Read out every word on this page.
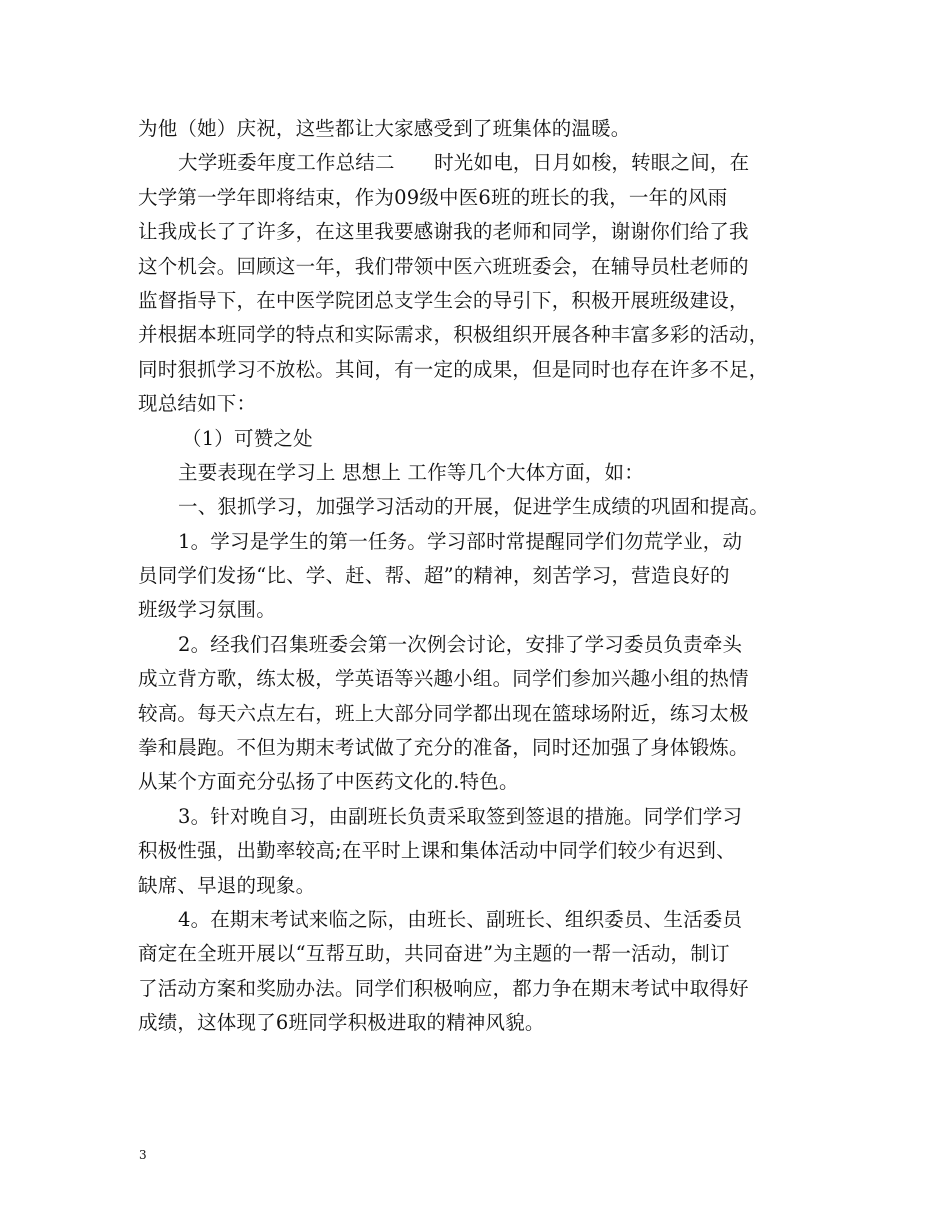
为他（她）庆祝，这些都让大家感受到了班集体的温暖。
大学班委年度工作总结二　　时光如电，日月如梭，转眼之间，在
大学第一学年即将结束，作为09级中医6班的班长的我，一年的风雨
让我成长了了许多，在这里我要感谢我的老师和同学，谢谢你们给了我
这个机会。回顾这一年，我们带领中医六班班委会，在辅导员杜老师的
监督指导下，在中医学院团总支学生会的导引下，积极开展班级建设，
并根据本班同学的特点和实际需求，积极组织开展各种丰富多彩的活动，
同时狠抓学习不放松。其间，有一定的成果，但是同时也存在许多不足，
现总结如下：
（1）可赞之处
主要表现在学习上 思想上 工作等几个大体方面，如：
一、狠抓学习，加强学习活动的开展，促进学生成绩的巩固和提高。
1。学习是学生的第一任务。学习部时常提醒同学们勿荒学业，动
员同学们发扬“比、学、赶、帮、超”的精神，刻苦学习，营造良好的
班级学习氛围。
2。经我们召集班委会第一次例会讨论，安排了学习委员负责牵头
成立背方歌，练太极，学英语等兴趣小组。同学们参加兴趣小组的热情
较高。每天六点左右，班上大部分同学都出现在篮球场附近，练习太极
拳和晨跑。不但为期末考试做了充分的准备，同时还加强了身体锻炼。
从某个方面充分弘扬了中医药文化的.特色。
3。针对晚自习，由副班长负责采取签到签退的措施。同学们学习
积极性强，出勤率较高;在平时上课和集体活动中同学们较少有迟到、
缺席、早退的现象。
4。在期末考试来临之际，由班长、副班长、组织委员、生活委员
商定在全班开展以“互帮互助，共同奋进”为主题的一帮一活动，制订
了活动方案和奖励办法。同学们积极响应，都力争在期末考试中取得好
成绩，这体现了6班同学积极进取的精神风貌。
3
